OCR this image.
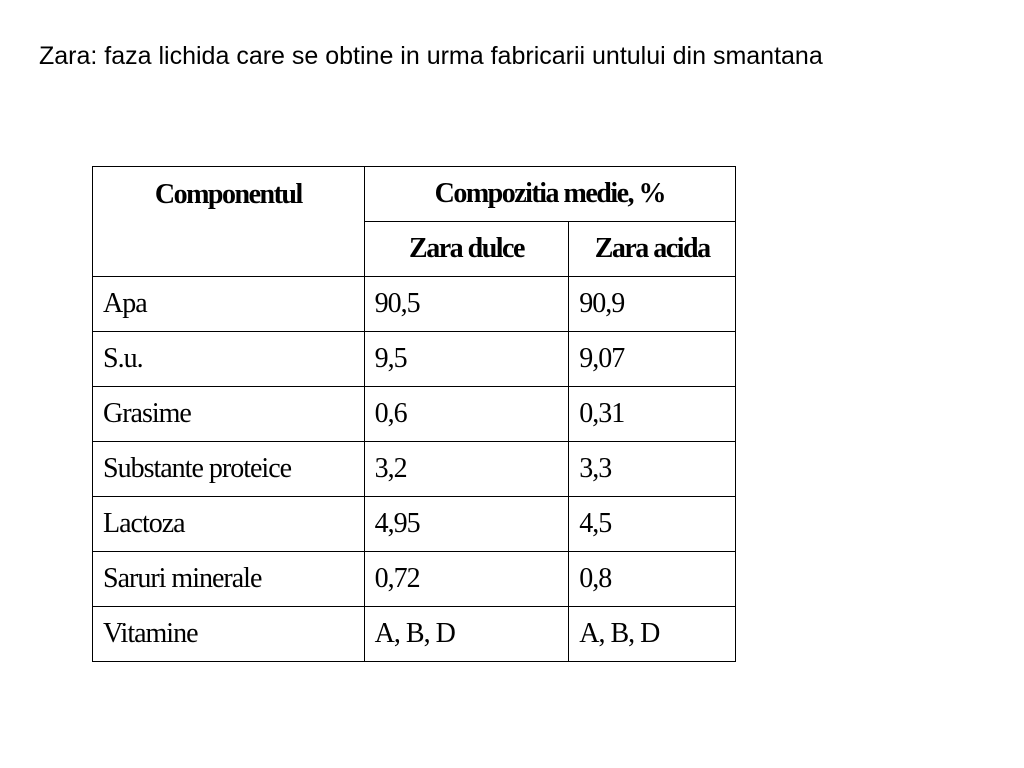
Zara: faza lichida care se obtine in urma fabricarii untului din smantana

Componentul	Compozitia medie, %	
	Zara dulce	Zara acida
Apa	90,5	90,9
S.u.	9,5	9,07
Grasime	0,6	0,31
Substante proteice	3,2	3,3
Lactoza	4,95	4,5
Saruri minerale	0,72	0,8
Vitamine	A, B, D	A, B, D
